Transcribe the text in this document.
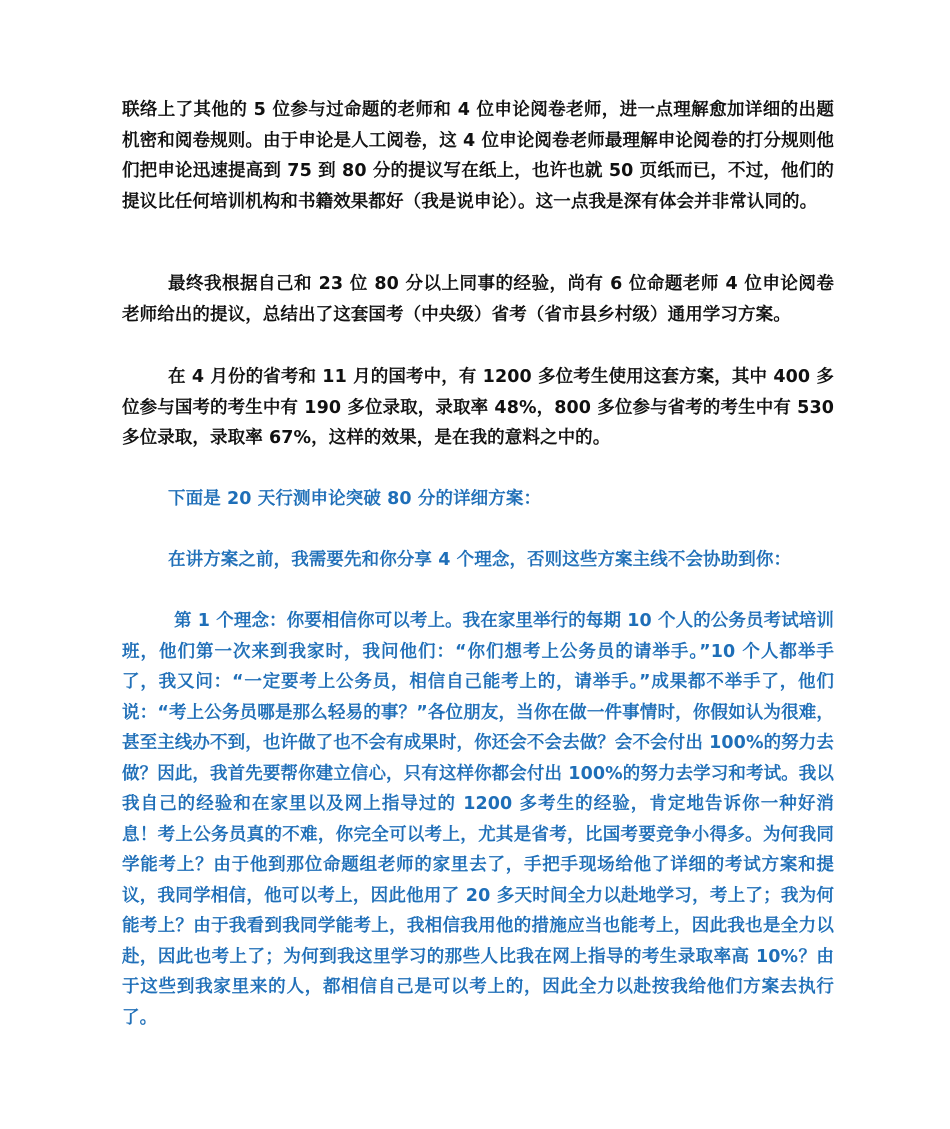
联络上了其他的 5 位参与过命题的老师和 4 位申论阅卷老师，进一点理解愈加详细的出题机密和阅卷规则。由于申论是人工阅卷，这 4 位申论阅卷老师最理解申论阅卷的打分规则他们把申论迅速提高到 75 到 80 分的提议写在纸上，也许也就 50 页纸而已，不过，他们的提议比任何培训机构和书籍效果都好（我是说申论）。这一点我是深有体会并非常认同的。

最终我根据自己和 23 位 80 分以上同事的经验，尚有 6 位命题老师 4 位申论阅卷老师给出的提议，总结出了这套国考（中央级）省考（省市县乡村级）通用学习方案。

在 4 月份的省考和 11 月的国考中，有 1200 多位考生使用这套方案，其中 400 多位参与国考的考生中有 190 多位录取，录取率 48%，800 多位参与省考的考生中有 530 多位录取，录取率 67%，这样的效果，是在我的意料之中的。

下面是 20 天行测申论突破 80 分的详细方案：

在讲方案之前，我需要先和你分享 4 个理念，否则这些方案主线不会协助到你：

第 1 个理念：你要相信你可以考上。我在家里举行的每期 10 个人的公务员考试培训班，他们第一次来到我家时，我问他们：“你们想考上公务员的请举手。”10 个人都举手了，我又问：“一定要考上公务员，相信自己能考上的，请举手。”成果都不举手了，他们说：“考上公务员哪是那么轻易的事？”各位朋友，当你在做一件事情时，你假如认为很难，甚至主线办不到，也许做了也不会有成果时，你还会不会去做？会不会付出 100%的努力去做？因此，我首先要帮你建立信心，只有这样你都会付出 100%的努力去学习和考试。我以我自己的经验和在家里以及网上指导过的 1200 多考生的经验，肯定地告诉你一种好消息！考上公务员真的不难，你完全可以考上，尤其是省考，比国考要竞争小得多。为何我同学能考上？由于他到那位命题组老师的家里去了，手把手现场给他了详细的考试方案和提议，我同学相信，他可以考上，因此他用了 20 多天时间全力以赴地学习，考上了；我为何能考上？由于我看到我同学能考上，我相信我用他的措施应当也能考上，因此我也是全力以赴，因此也考上了；为何到我这里学习的那些人比我在网上指导的考生录取率高 10%？由于这些到我家里来的人，都相信自己是可以考上的，因此全力以赴按我给他们方案去执行了。
